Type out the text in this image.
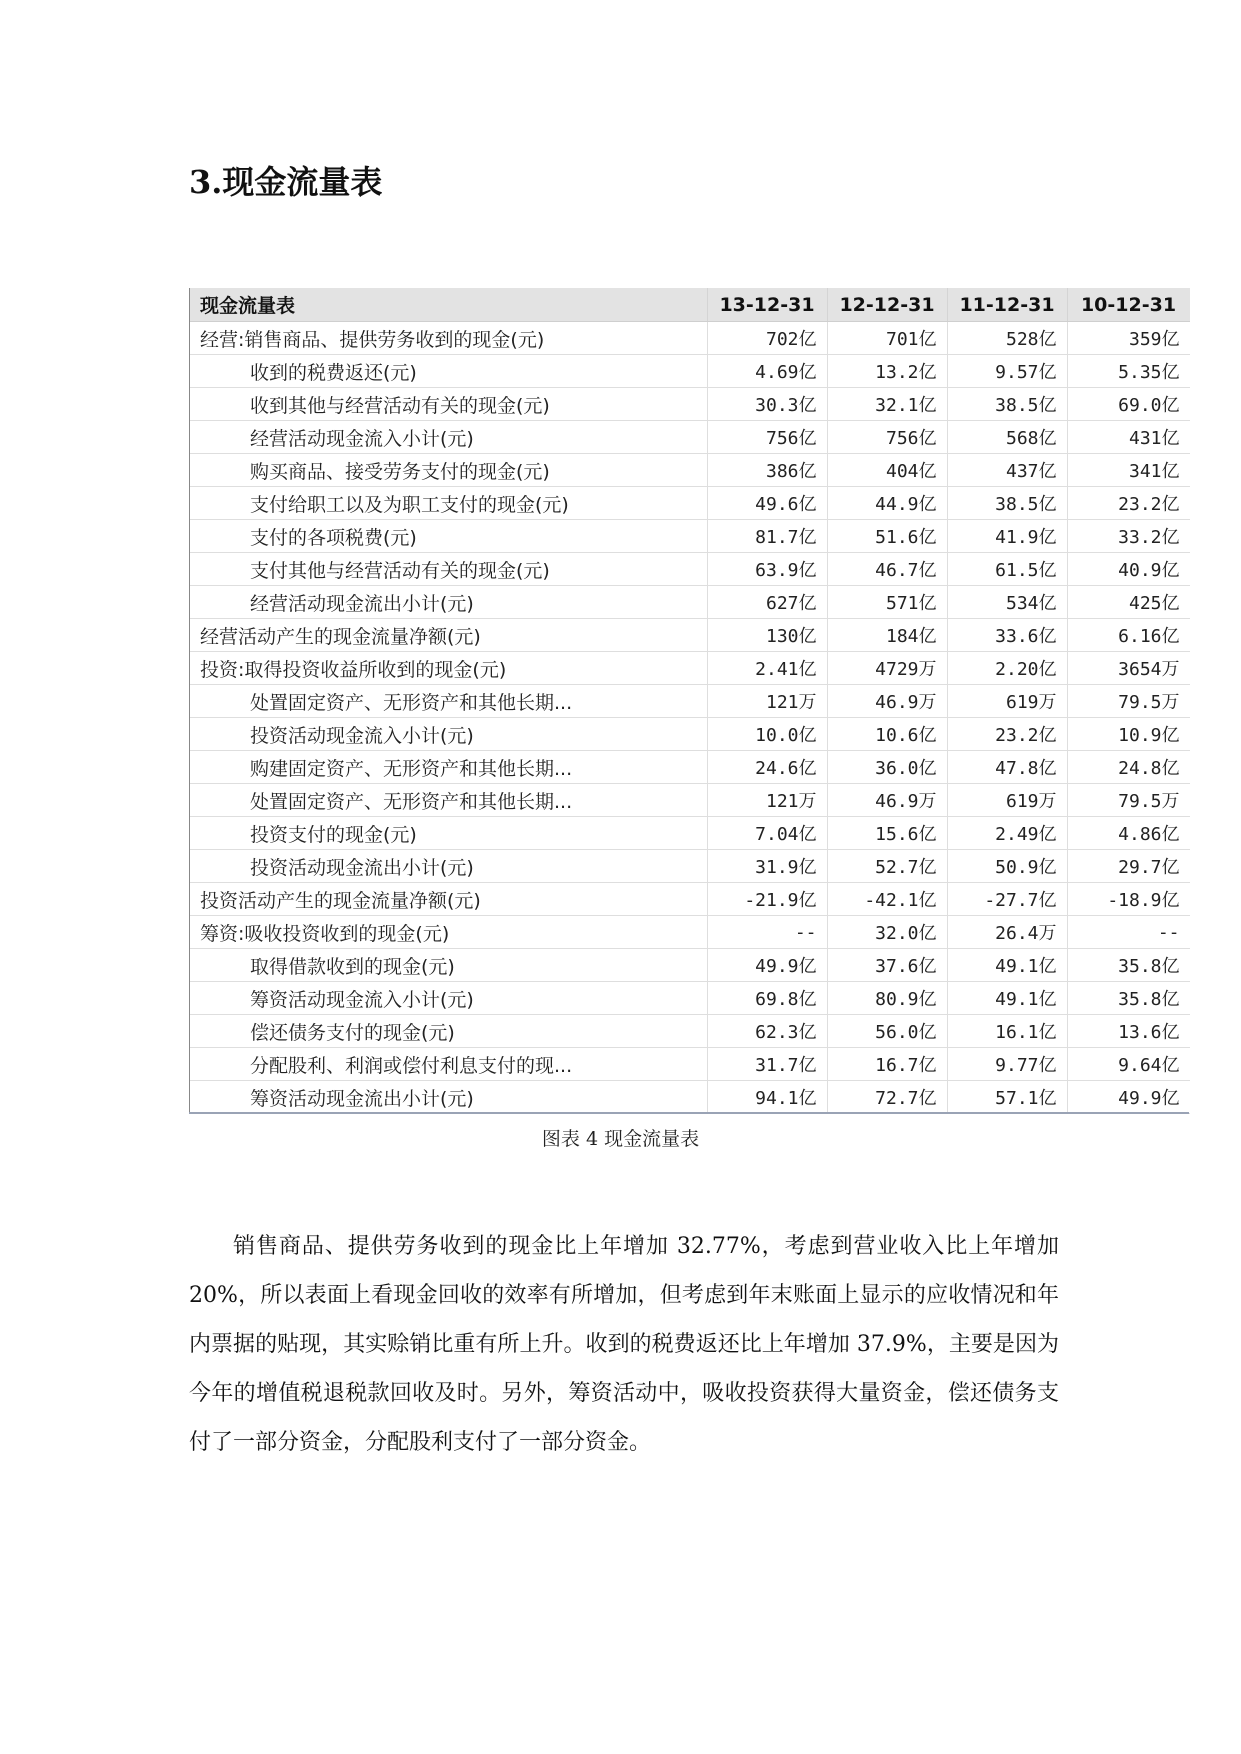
3.现金流量表
现金流量表	13-12-31	12-12-31	11-12-31	10-12-31
经营:销售商品、提供劳务收到的现金(元)	702亿	701亿	528亿	359亿
收到的税费返还(元)	4.69亿	13.2亿	9.57亿	5.35亿
收到其他与经营活动有关的现金(元)	30.3亿	32.1亿	38.5亿	69.0亿
经营活动现金流入小计(元)	756亿	756亿	568亿	431亿
购买商品、接受劳务支付的现金(元)	386亿	404亿	437亿	341亿
支付给职工以及为职工支付的现金(元)	49.6亿	44.9亿	38.5亿	23.2亿
支付的各项税费(元)	81.7亿	51.6亿	41.9亿	33.2亿
支付其他与经营活动有关的现金(元)	63.9亿	46.7亿	61.5亿	40.9亿
经营活动现金流出小计(元)	627亿	571亿	534亿	425亿
经营活动产生的现金流量净额(元)	130亿	184亿	33.6亿	6.16亿
投资:取得投资收益所收到的现金(元)	2.41亿	4729万	2.20亿	3654万
处置固定资产、无形资产和其他长期...	121万	46.9万	619万	79.5万
投资活动现金流入小计(元)	10.0亿	10.6亿	23.2亿	10.9亿
购建固定资产、无形资产和其他长期...	24.6亿	36.0亿	47.8亿	24.8亿
处置固定资产、无形资产和其他长期...	121万	46.9万	619万	79.5万
投资支付的现金(元)	7.04亿	15.6亿	2.49亿	4.86亿
投资活动现金流出小计(元)	31.9亿	52.7亿	50.9亿	29.7亿
投资活动产生的现金流量净额(元)	-21.9亿	-42.1亿	-27.7亿	-18.9亿
筹资:吸收投资收到的现金(元)	--	32.0亿	26.4万	--
取得借款收到的现金(元)	49.9亿	37.6亿	49.1亿	35.8亿
筹资活动现金流入小计(元)	69.8亿	80.9亿	49.1亿	35.8亿
偿还债务支付的现金(元)	62.3亿	56.0亿	16.1亿	13.6亿
分配股利、利润或偿付利息支付的现...	31.7亿	16.7亿	9.77亿	9.64亿
筹资活动现金流出小计(元)	94.1亿	72.7亿	57.1亿	49.9亿
图表 4 现金流量表

销售商品、提供劳务收到的现金比上年增加 32.77%，考虑到营业收入比上年增加 20%，所以表面上看现金回收的效率有所增加，但考虑到年末账面上显示的应收情况和年内票据的贴现，其实赊销比重有所上升。收到的税费返还比上年增加 37.9%，主要是因为今年的增值税退税款回收及时。另外，筹资活动中，吸收投资获得大量资金，偿还债务支付了一部分资金，分配股利支付了一部分资金。
